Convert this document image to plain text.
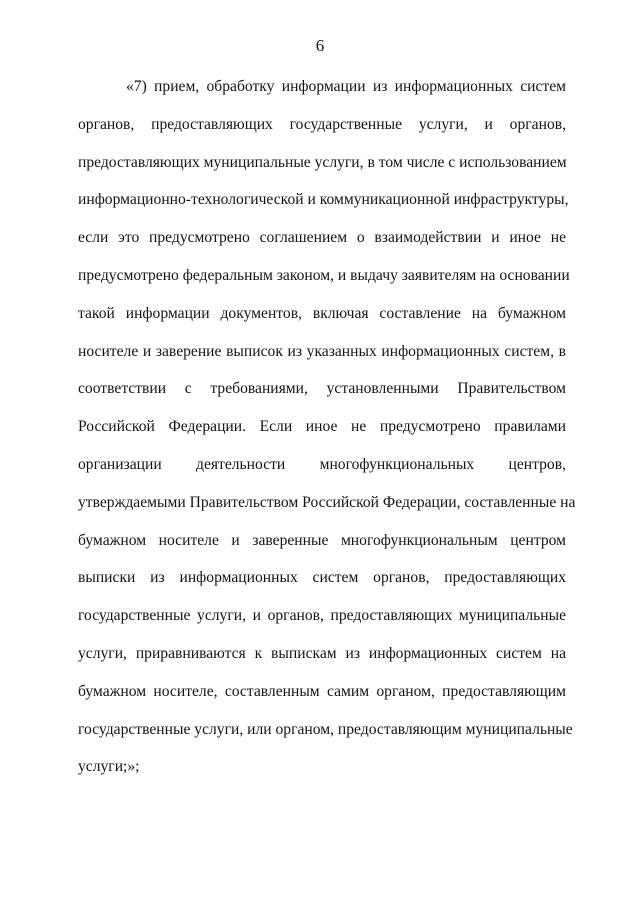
6
«7) прием, обработку информации из информационных систем
органов, предоставляющих государственные услуги, и органов,
предоставляющих муниципальные услуги, в том числе с использованием
информационно-технологической и коммуникационной инфраструктуры,
если это предусмотрено соглашением о взаимодействии и иное не
предусмотрено федеральным законом, и выдачу заявителям на основании
такой информации документов, включая составление на бумажном
носителе и заверение выписок из указанных информационных систем, в
соответствии с требованиями, установленными Правительством
Российской Федерации. Если иное не предусмотрено правилами
организации деятельности многофункциональных центров,
утверждаемыми Правительством Российской Федерации, составленные на
бумажном носителе и заверенные многофункциональным центром
выписки из информационных систем органов, предоставляющих
государственные услуги, и органов, предоставляющих муниципальные
услуги, приравниваются к выпискам из информационных систем на
бумажном носителе, составленным самим органом, предоставляющим
государственные услуги, или органом, предоставляющим муниципальные
услуги;»;
